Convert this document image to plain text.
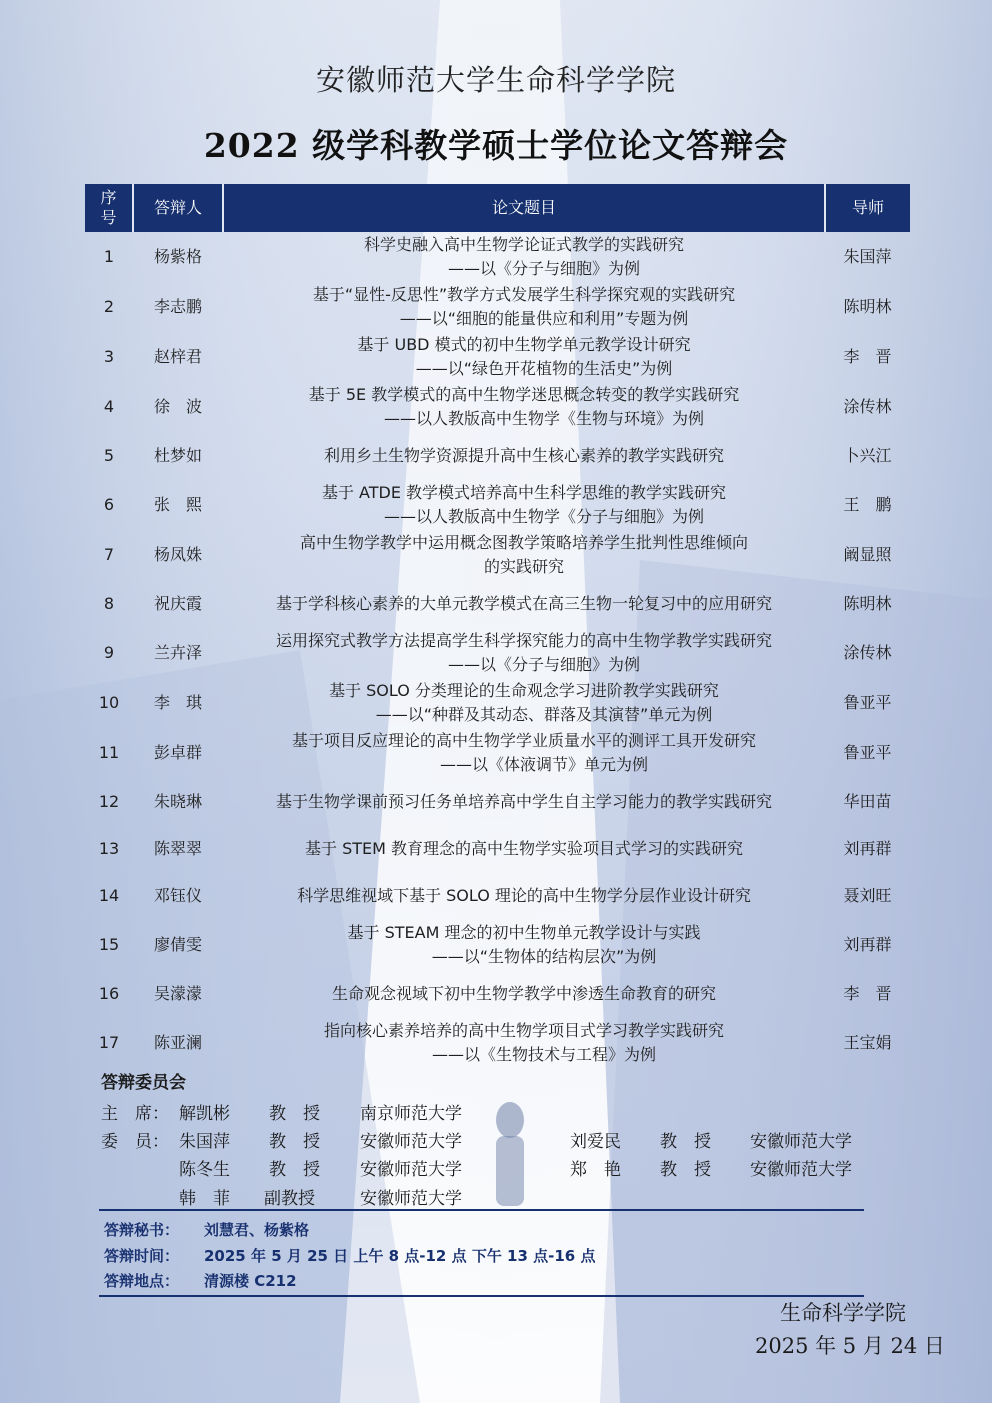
安徽师范大学生命科学学院
2022 级学科教学硕士学位论文答辩会
序号	答辩人	论文题目	导师
1	杨紫格	科学史融入高中生物学论证式教学的实践研究
——以《分子与细胞》为例	朱国萍
2	李志鹏	基于“显性-反思性”教学方式发展学生科学探究观的实践研究
——以“细胞的能量供应和利用”专题为例	陈明林
3	赵梓君	基于 UBD 模式的初中生物学单元教学设计研究
——以“绿色开花植物的生活史”为例	李　晋
4	徐　波	基于 5E 教学模式的高中生物学迷思概念转变的教学实践研究
——以人教版高中生物学《生物与环境》为例	涂传林
5	杜梦如	利用乡土生物学资源提升高中生核心素养的教学实践研究	卜兴江
6	张　熙	基于 ATDE 教学模式培养高中生科学思维的教学实践研究
——以人教版高中生物学《分子与细胞》为例	王　鹏
7	杨凤姝	高中生物学教学中运用概念图教学策略培养学生批判性思维倾向
的实践研究	阚显照
8	祝庆霞	基于学科核心素养的大单元教学模式在高三生物一轮复习中的应用研究	陈明林
9	兰卉泽	运用探究式教学方法提高学生科学探究能力的高中生物学教学实践研究
——以《分子与细胞》为例	涂传林
10	李　琪	基于 SOLO 分类理论的生命观念学习进阶教学实践研究
——以“种群及其动态、群落及其演替”单元为例	鲁亚平
11	彭卓群	基于项目反应理论的高中生物学学业质量水平的测评工具开发研究
——以《体液调节》单元为例	鲁亚平
12	朱晓琳	基于生物学课前预习任务单培养高中学生自主学习能力的教学实践研究	华田苗
13	陈翠翠	基于 STEM 教育理念的高中生物学实验项目式学习的实践研究	刘再群
14	邓钰仪	科学思维视域下基于 SOLO 理论的高中生物学分层作业设计研究	聂刘旺
15	廖倩雯	基于 STEAM 理念的初中生物单元教学设计与实践
——以“生物体的结构层次”为例	刘再群
16	吴濛濛	生命观念视域下初中生物学教学中渗透生命教育的研究	李　晋
17	陈亚澜	指向核心素养培养的高中生物学项目式学习教学实践研究
——以《生物技术与工程》为例	王宝娟
答辩委员会
主　席： 解凯彬 教　授 南京师范大学
委　员： 朱国萍 教　授 安徽师范大学	刘爱民 教　授 安徽师范大学
陈冬生 教　授 安徽师范大学	郑　艳 教　授 安徽师范大学
韩　菲 副教授	安徽师范大学
答辩秘书： 刘慧君、杨紫格
答辩时间： 2025 年 5 月 25 日 上午 8 点-12 点 下午 13 点-16 点
答辩地点： 清源楼 C212
生命科学学院
2025 年 5 月 24 日
